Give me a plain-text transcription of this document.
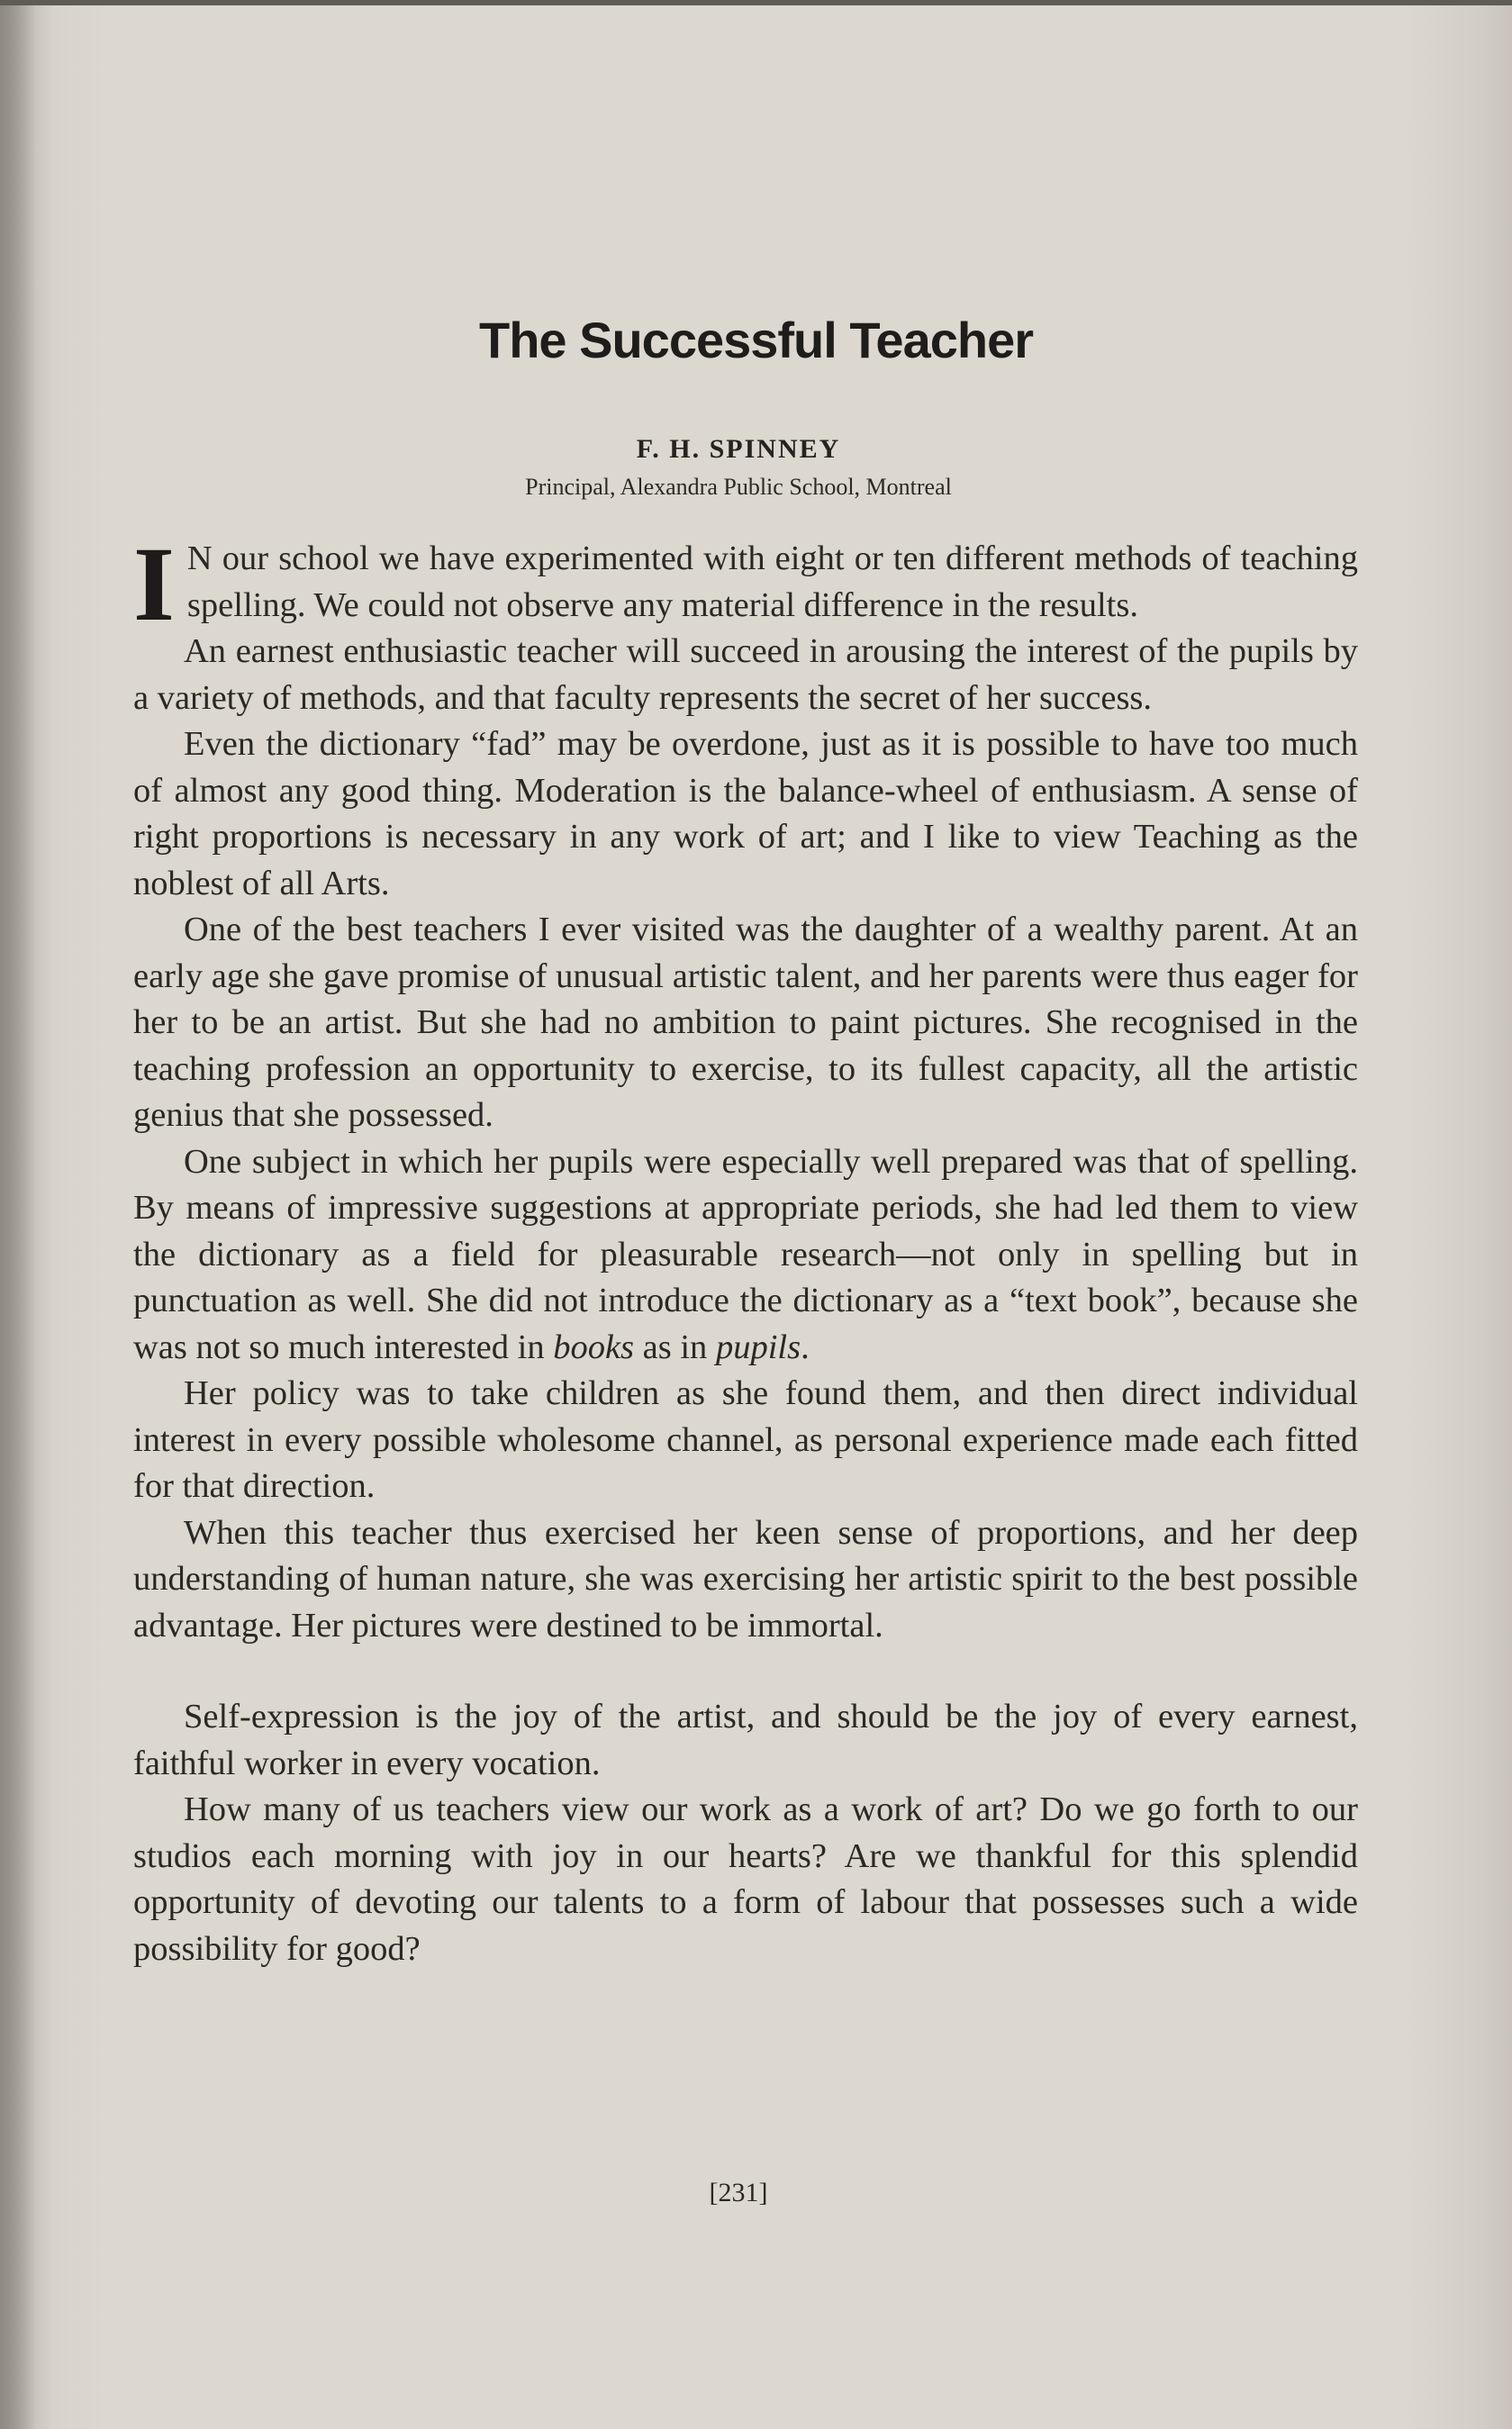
The Successful Teacher
F. H. SPINNEY
Principal, Alexandra Public School, Montreal

I N our school we have experimented with eight or ten different methods of teaching spelling. We could not observe any material difference in the results.

An earnest enthusiastic teacher will succeed in arousing the interest of the pupils by a variety of methods, and that faculty represents the secret of her success.

Even the dictionary “fad” may be overdone, just as it is possible to have too much of almost any good thing. Moderation is the balance-wheel of enthusiasm. A sense of right proportions is necessary in any work of art; and I like to view Teaching as the noblest of all Arts.

One of the best teachers I ever visited was the daughter of a wealthy parent. At an early age she gave promise of unusual artistic talent, and her parents were thus eager for her to be an artist. But she had no ambition to paint pictures. She recognised in the teaching profession an opportunity to exercise, to its fullest capacity, all the artistic genius that she possessed.

One subject in which her pupils were especially well prepared was that of spelling. By means of impressive suggestions at appropriate periods, she had led them to view the dictionary as a field for pleasurable research—not only in spelling but in punctuation as well. She did not introduce the dictionary as a “text book”, because she was not so much interested in books as in pupils.

Her policy was to take children as she found them, and then direct individual interest in every possible wholesome channel, as personal experience made each fitted for that direction.

When this teacher thus exercised her keen sense of proportions, and her deep understanding of human nature, she was exercising her artistic spirit to the best possible advantage. Her pictures were destined to be immortal.

Self-expression is the joy of the artist, and should be the joy of every earnest, faithful worker in every vocation.

How many of us teachers view our work as a work of art? Do we go forth to our studios each morning with joy in our hearts? Are we thankful for this splendid opportunity of devoting our talents to a form of labour that possesses such a wide possibility for good?

[231]
